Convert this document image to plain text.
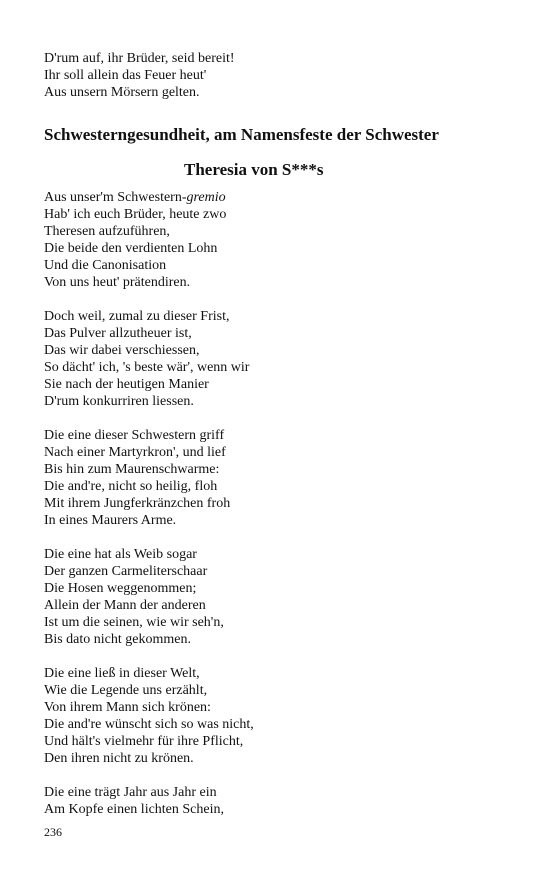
D'rum auf, ihr Brüder, seid bereit!
Ihr soll allein das Feuer heut'
Aus unsern Mörsern gelten.
Schwesterngesundheit, am Namensfeste der Schwester
Theresia von S***s
Aus unser'm Schwestern-gremio
Hab' ich euch Brüder, heute zwo
Theresen aufzuführen,
Die beide den verdienten Lohn
Und die Canonisation
Von uns heut' prätendiren.
Doch weil, zumal zu dieser Frist,
Das Pulver allzutheuer ist,
Das wir dabei verschiessen,
So dächt' ich, 's beste wär', wenn wir
Sie nach der heutigen Manier
D'rum konkurriren liessen.
Die eine dieser Schwestern griff
Nach einer Martyrkron', und lief
Bis hin zum Maurenschwarme:
Die and're, nicht so heilig, floh
Mit ihrem Jungferkränzchen froh
In eines Maurers Arme.
Die eine hat als Weib sogar
Der ganzen Carmeliterschaar
Die Hosen weggenommen;
Allein der Mann der anderen
Ist um die seinen, wie wir seh'n,
Bis dato nicht gekommen.
Die eine ließ in dieser Welt,
Wie die Legende uns erzählt,
Von ihrem Mann sich krönen:
Die and're wünscht sich so was nicht,
Und hält's vielmehr für ihre Pflicht,
Den ihren nicht zu krönen.
Die eine trägt Jahr aus Jahr ein
Am Kopfe einen lichten Schein,
236
